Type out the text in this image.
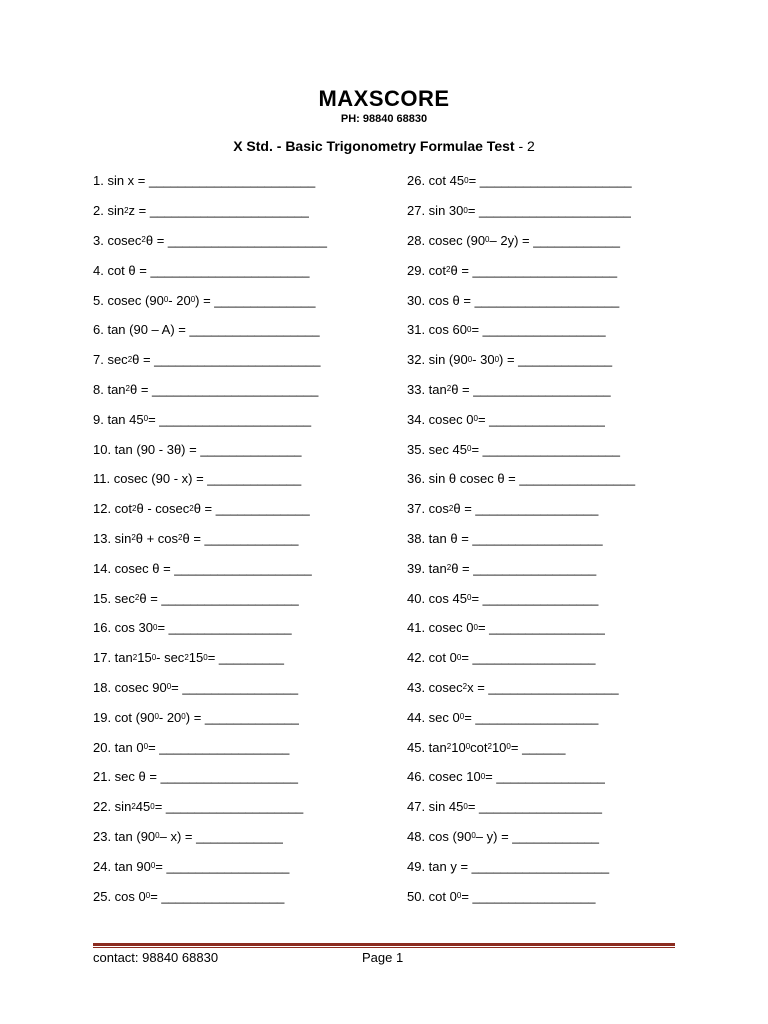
MAXSCORE
PH: 98840 68830
X Std. - Basic Trigonometry Formulae Test - 2
1. sin x = _______________________
2. sin 2 z = ______________________
3. cosec 2 θ = ______________________
4. cot θ = ______________________
5. cosec (90 0 - 20 0 ) = ______________
6. tan (90 – A) = __________________
7. sec 2 θ = _______________________
8. tan 2 θ = _______________________
9. tan 45 0 = _____________________
10. tan (90 - 3θ) = ______________
11. cosec (90 - x) = _____________
12. cot 2 θ - cosec 2 θ = _____________
13. sin 2 θ + cos 2 θ = _____________
14. cosec θ = ___________________
15. sec 2 θ = ___________________
16. cos 30 0 = _________________
17. tan 2 15 0 - sec 2 15 0 = _________
18. cosec 90 0 = ________________
19. cot (90 0 - 20 0 ) = _____________
20. tan 0 0 = __________________
21. sec θ = ___________________
22. sin 2 45 0 = ___________________
23. tan (90 0 – x) = ____________
24. tan 90 0 = _________________
25. cos 0 0 = _________________
26. cot 45 0 = _____________________
27. sin 30 0 = _____________________
28. cosec (90 0 – 2y) = ____________
29. cot 2 θ = ____________________
30. cos θ = ____________________
31. cos 60 0 = _________________
32. sin (90 0 - 30 0 ) = _____________
33. tan 2 θ = ___________________
34. cosec 0 0 = ________________
35. sec 45 0 = ___________________
36. sin θ cosec θ = ________________
37. cos 2 θ = _________________
38. tan θ = __________________
39. tan 2 θ = _________________
40. cos 45 0 = ________________
41. cosec 0 0 = ________________
42. cot 0 0 = _________________
43. cosec 2 x = __________________
44. sec 0 0 = _________________
45. tan 2 10 0 cot 2 10 0 = ______
46. cosec 10 0 = _______________
47. sin 45 0 = _________________
48. cos (90 0 – y) = ____________
49. tan y = ___________________
50. cot 0 0 = _________________
contact: 98840 68830	Page 1
